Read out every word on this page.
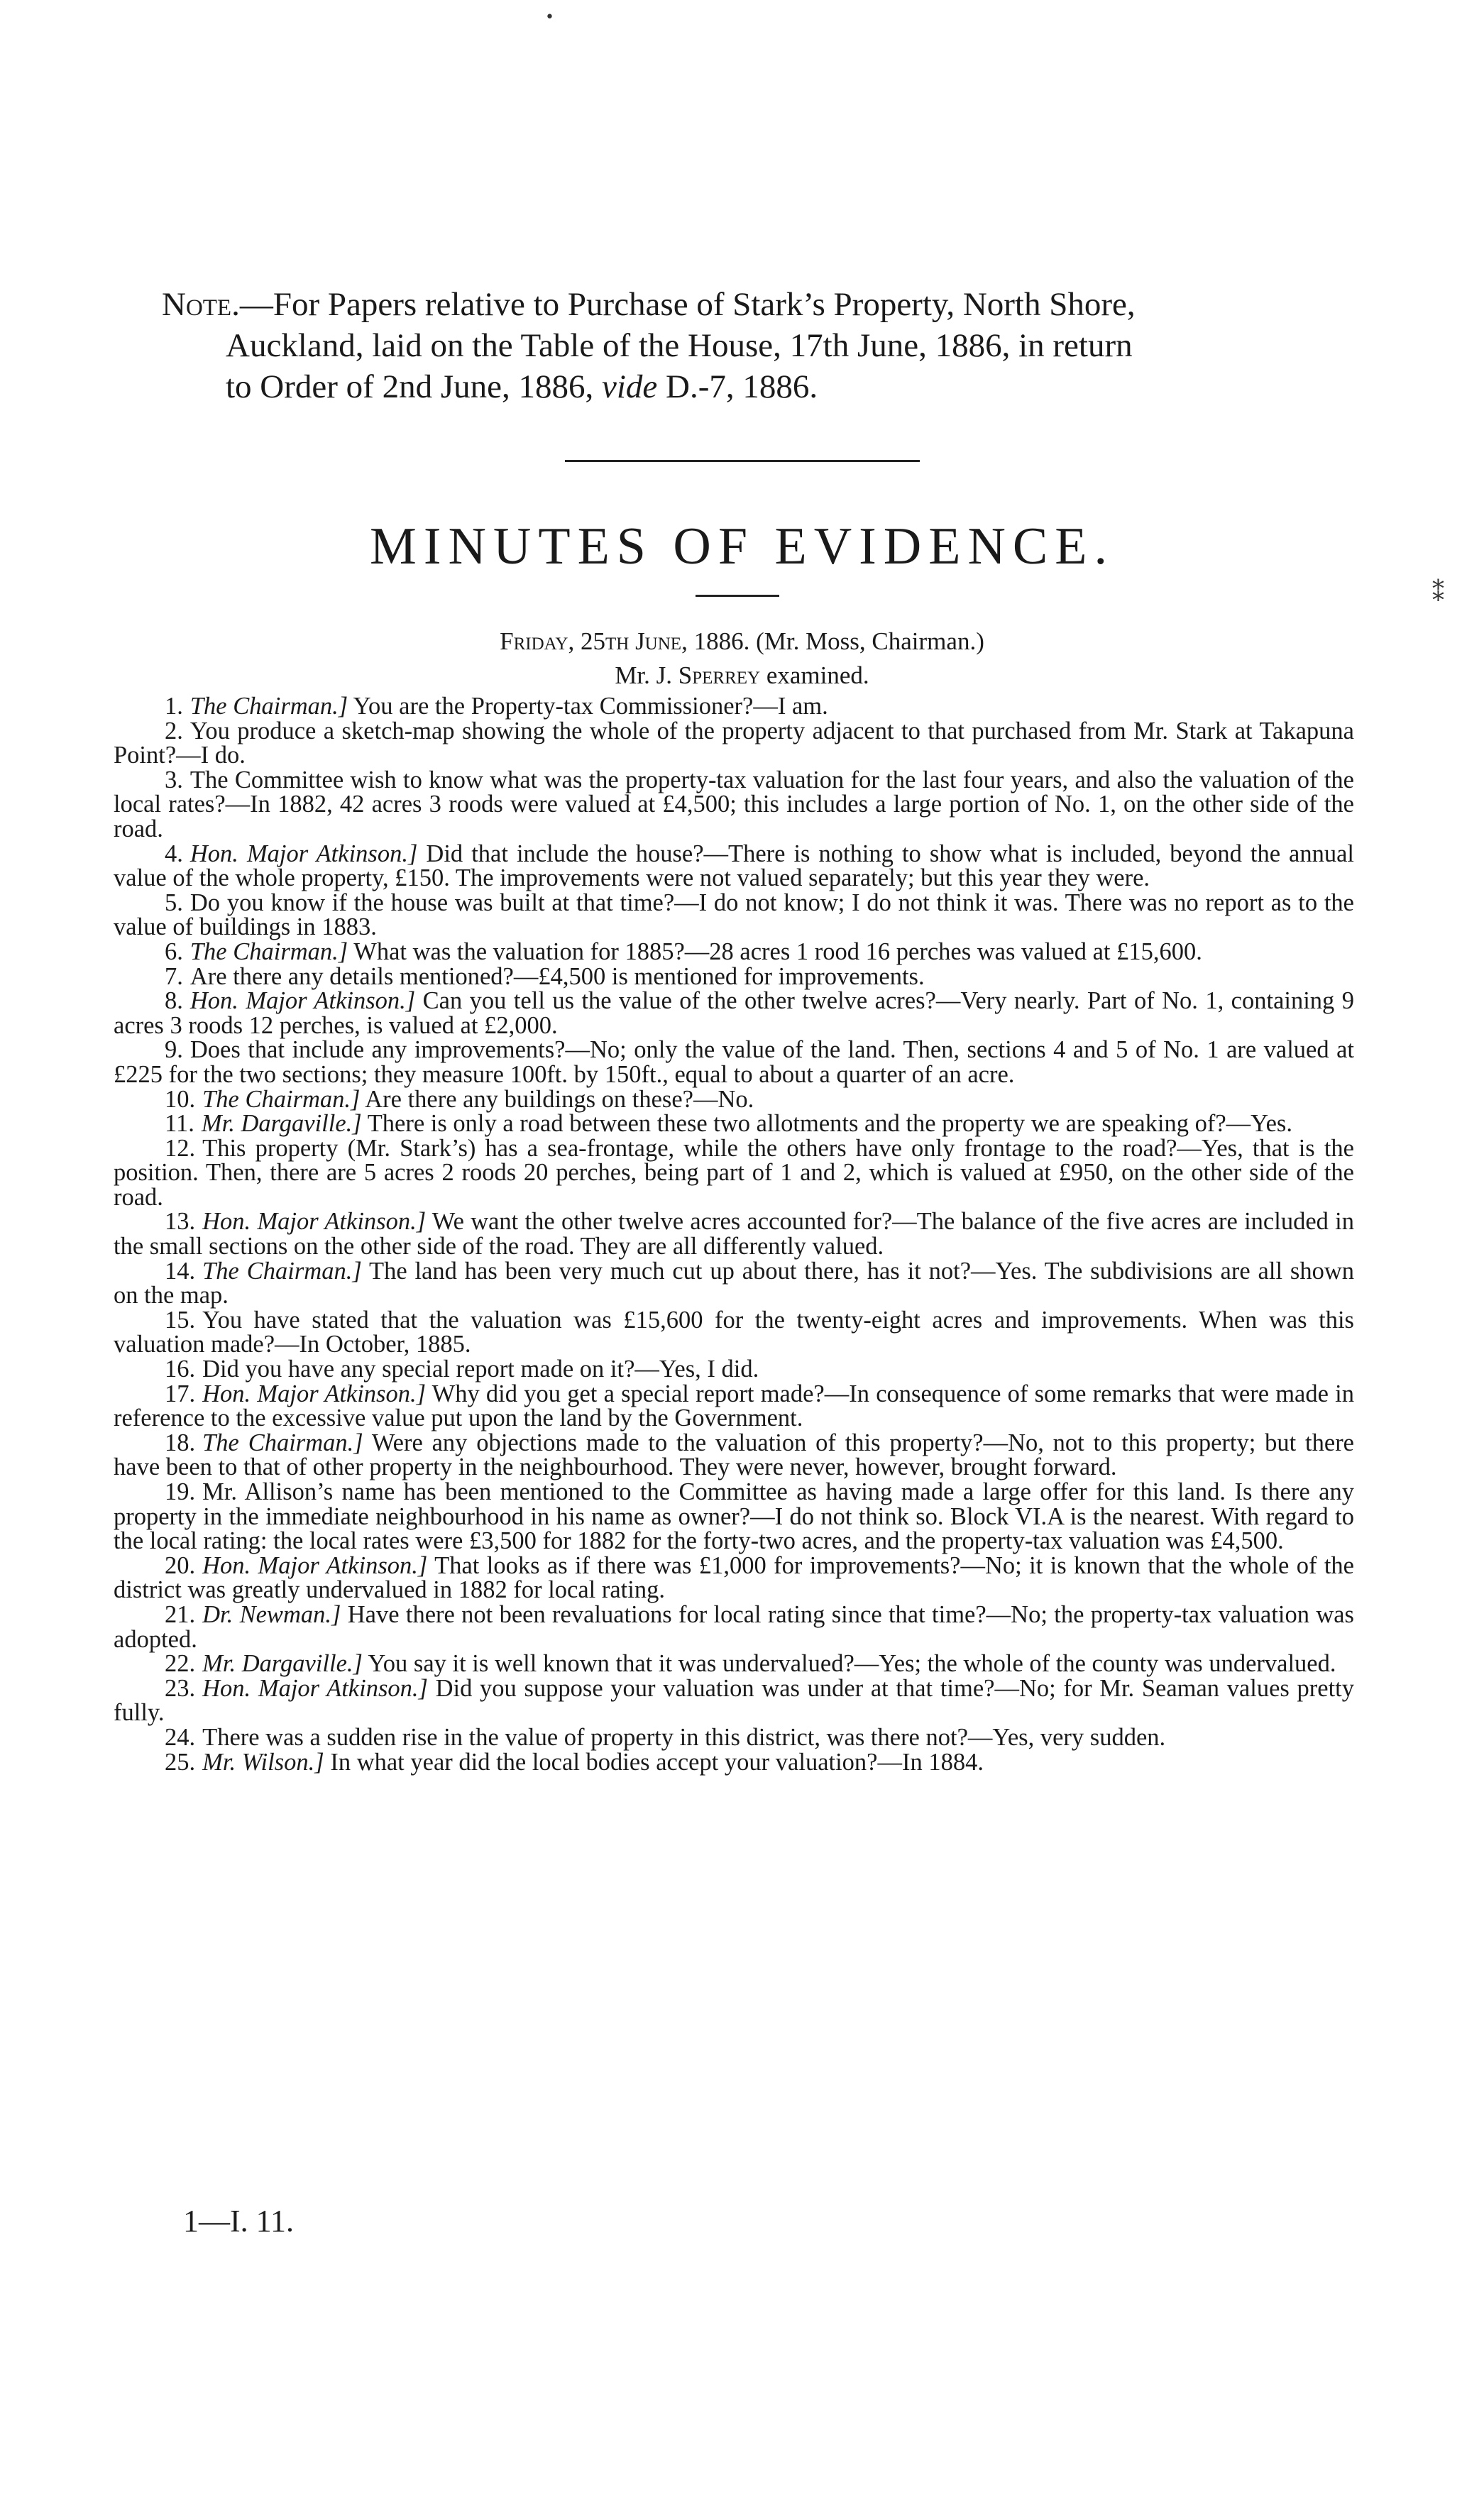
•
⁑
Note.—For Papers relative to Purchase of Stark’s Property, North Shore,
Auckland, laid on the Table of the House, 17th June, 1886, in return
to Order of 2nd June, 1886, vide D.-7, 1886.
MINUTES OF EVIDENCE.
Friday, 25th June, 1886. (Mr. Moss, Chairman.)
Mr. J. Sperrey examined.

1. The Chairman.] You are the Property-tax Commissioner?—I am.

2. You produce a sketch-map showing the whole of the property adjacent to that purchased from Mr. Stark at Takapuna Point?—I do.

3. The Committee wish to know what was the property-tax valuation for the last four years, and also the valuation of the local rates?—In 1882, 42 acres 3 roods were valued at £4,500; this includes a large portion of No. 1, on the other side of the road.

4. Hon. Major Atkinson.] Did that include the house?—There is nothing to show what is included, beyond the annual value of the whole property, £150. The improvements were not valued separately; but this year they were.

5. Do you know if the house was built at that time?—I do not know; I do not think it was. There was no report as to the value of buildings in 1883.

6. The Chairman.] What was the valuation for 1885?—28 acres 1 rood 16 perches was valued at £15,600.

7. Are there any details mentioned?—£4,500 is mentioned for improvements.

8. Hon. Major Atkinson.] Can you tell us the value of the other twelve acres?—Very nearly. Part of No. 1, containing 9 acres 3 roods 12 perches, is valued at £2,000.

9. Does that include any improvements?—No; only the value of the land. Then, sections 4 and 5 of No. 1 are valued at £225 for the two sections; they measure 100ft. by 150ft., equal to about a quarter of an acre.

10. The Chairman.] Are there any buildings on these?—No.

11. Mr. Dargaville.] There is only a road between these two allotments and the property we are speaking of?—Yes.

12. This property (Mr. Stark’s) has a sea-frontage, while the others have only frontage to the road?—Yes, that is the position. Then, there are 5 acres 2 roods 20 perches, being part of 1 and 2, which is valued at £950, on the other side of the road.

13. Hon. Major Atkinson.] We want the other twelve acres accounted for?—The balance of the five acres are included in the small sections on the other side of the road. They are all differently valued.

14. The Chairman.] The land has been very much cut up about there, has it not?—Yes. The subdivisions are all shown on the map.

15. You have stated that the valuation was £15,600 for the twenty-eight acres and improvements. When was this valuation made?—In October, 1885.

16. Did you have any special report made on it?—Yes, I did.

17. Hon. Major Atkinson.] Why did you get a special report made?—In consequence of some remarks that were made in reference to the excessive value put upon the land by the Government.

18. The Chairman.] Were any objections made to the valuation of this property?—No, not to this property; but there have been to that of other property in the neighbourhood. They were never, however, brought forward.

19. Mr. Allison’s name has been mentioned to the Committee as having made a large offer for this land. Is there any property in the immediate neighbourhood in his name as owner?—I do not think so. Block VI.A is the nearest. With regard to the local rating: the local rates were £3,500 for 1882 for the forty-two acres, and the property-tax valuation was £4,500.

20. Hon. Major Atkinson.] That looks as if there was £1,000 for improvements?—No; it is known that the whole of the district was greatly undervalued in 1882 for local rating.

21. Dr. Newman.] Have there not been revaluations for local rating since that time?—No; the property-tax valuation was adopted.

22. Mr. Dargaville.] You say it is well known that it was undervalued?—Yes; the whole of the county was undervalued.

23. Hon. Major Atkinson.] Did you suppose your valuation was under at that time?—No; for Mr. Seaman values pretty fully.

24. There was a sudden rise in the value of property in this district, was there not?—Yes, very sudden.

25. Mr. Wilson.] In what year did the local bodies accept your valuation?—In 1884.

1—I. 11.
